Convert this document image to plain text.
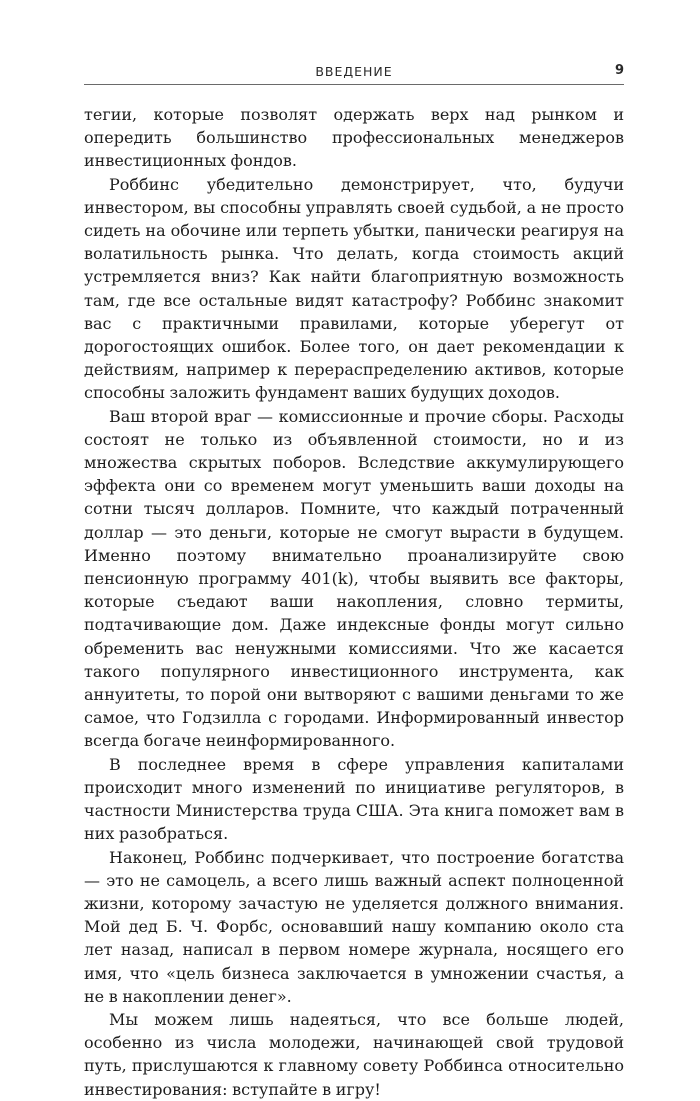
ВВЕДЕНИЕ	9

тегии, которые позволят одержать верх над рынком и опередить большинство профессиональных менеджеров инвестиционных фондов.

Роббинс убедительно демонстрирует, что, будучи инвестором, вы способны управлять своей судьбой, а не просто сидеть на обочине или терпеть убытки, панически реагируя на волатильность рынка. Что делать, когда стоимость акций устремляется вниз? Как найти благоприятную возможность там, где все остальные видят катастрофу? Роббинс знакомит вас с практичными правилами, которые уберегут от дорогостоящих ошибок. Более того, он дает рекомендации к действиям, например к перераспределению активов, которые способны заложить фундамент ваших будущих доходов.

Ваш второй враг — комиссионные и прочие сборы. Расходы состоят не только из объявленной стоимости, но и из множества скрытых поборов. Вследствие аккумулирующего эффекта они со временем могут уменьшить ваши доходы на сотни тысяч долларов. Помните, что каждый потраченный доллар — это деньги, которые не смогут вырасти в будущем. Именно поэтому внимательно проанализируйте свою пенсионную программу 401(k), чтобы выявить все факторы, которые съедают ваши накопления, словно термиты, подтачивающие дом. Даже индексные фонды могут сильно обременить вас ненужными комиссиями. Что же касается такого популярного инвестиционного инструмента, как аннуитеты, то порой они вытворяют с вашими деньгами то же самое, что Годзилла с городами. Информированный инвестор всегда богаче неинформированного.

В последнее время в сфере управления капиталами происходит много изменений по инициативе регуляторов, в частности Министерства труда США. Эта книга поможет вам в них разобраться.

Наконец, Роббинс подчеркивает, что построение богатства — это не самоцель, а всего лишь важный аспект полноценной жизни, которому зачастую не уделяется должного внимания. Мой дед Б. Ч. Форбс, основавший нашу компанию около ста лет назад, написал в первом номере журнала, носящего его имя, что «цель бизнеса заключается в умножении счастья, а не в накоплении денег».

Мы можем лишь надеяться, что все больше людей, особенно из числа молодежи, начинающей свой трудовой путь, прислушаются к главному совету Роббинса относительно инвестирования: вступайте в игру!
